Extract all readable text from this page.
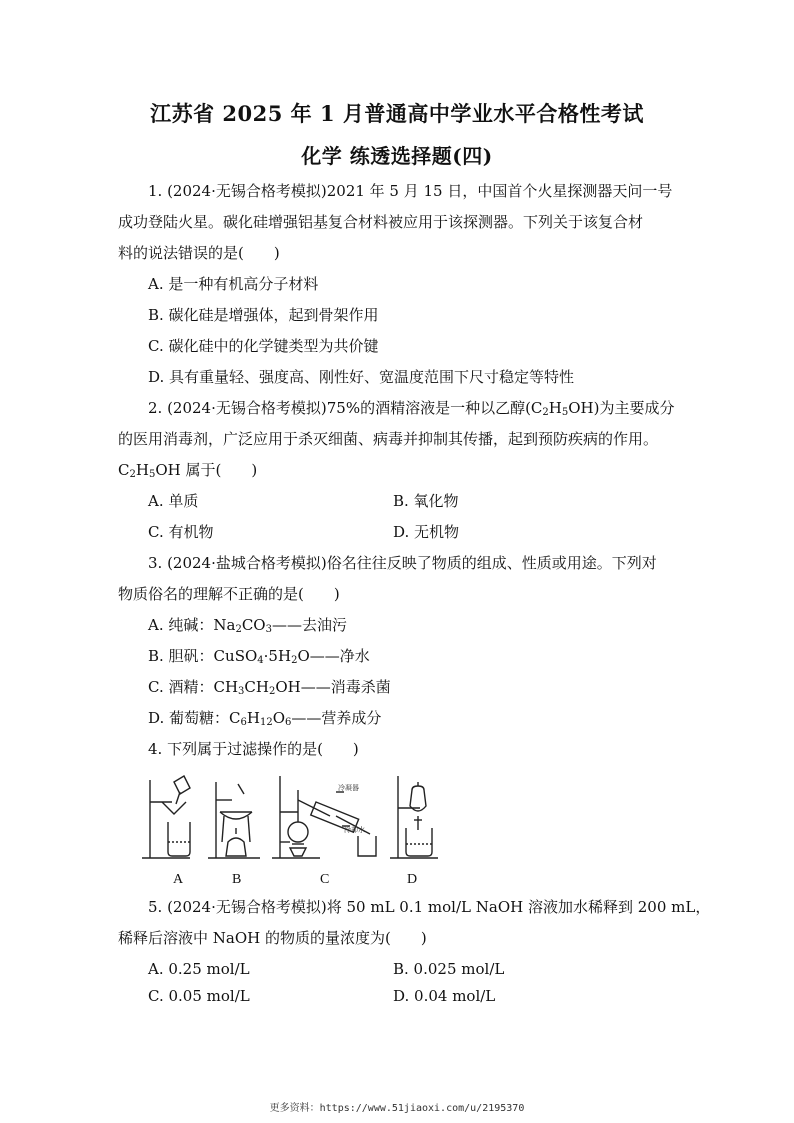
江苏省 2025 年 1 月普通高中学业水平合格性考试
化学 练透选择题(四)
1. (2024·无锡合格考模拟)2021 年 5 月 15 日，中国首个火星探测器天问一号
成功登陆火星。碳化硅增强铝基复合材料被应用于该探测器。下列关于该复合材
料的说法错误的是(　　)
A. 是一种有机高分子材料
B. 碳化硅是增强体，起到骨架作用
C. 碳化硅中的化学键类型为共价键
D. 具有重量轻、强度高、刚性好、宽温度范围下尺寸稳定等特性
2. (2024·无锡合格考模拟)75%的酒精溶液是一种以乙醇$(C_2H_5OH)$为主要成分
的医用消毒剂，广泛应用于杀灭细菌、病毒并抑制其传播，起到预防疾病的作用。
$C_2H_5OH$ 属于(　　)
A. 单质	B. 氧化物
C. 有机物	D. 无机物
3. (2024·盐城合格考模拟)俗名往往反映了物质的组成、性质或用途。下列对
物质俗名的理解不正确的是(　　)
A. 纯碱：$Na_2CO_3——$去油污
B. 胆矾：$CuSO_4\cdot 5H_2O——$净水
C. 酒精：$CH_3CH_2OH——$消毒杀菌
D. 葡萄糖：$C_6H_{12}O_6——$营养成分
4. 下列属于过滤操作的是(　　)
冷凝器
冷却水
A	B	C	D
5. (2024·无锡合格考模拟)将 50 mL 0.1 mol/L NaOH 溶液加水稀释到 200 mL，
稀释后溶液中 NaOH 的物质的量浓度为(　　)
A. 0.25 mol/L	B. 0.025 mol/L
C. 0.05 mol/L	D. 0.04 mol/L
更多资料：https://www.51jiaoxi.com/u/2195370
